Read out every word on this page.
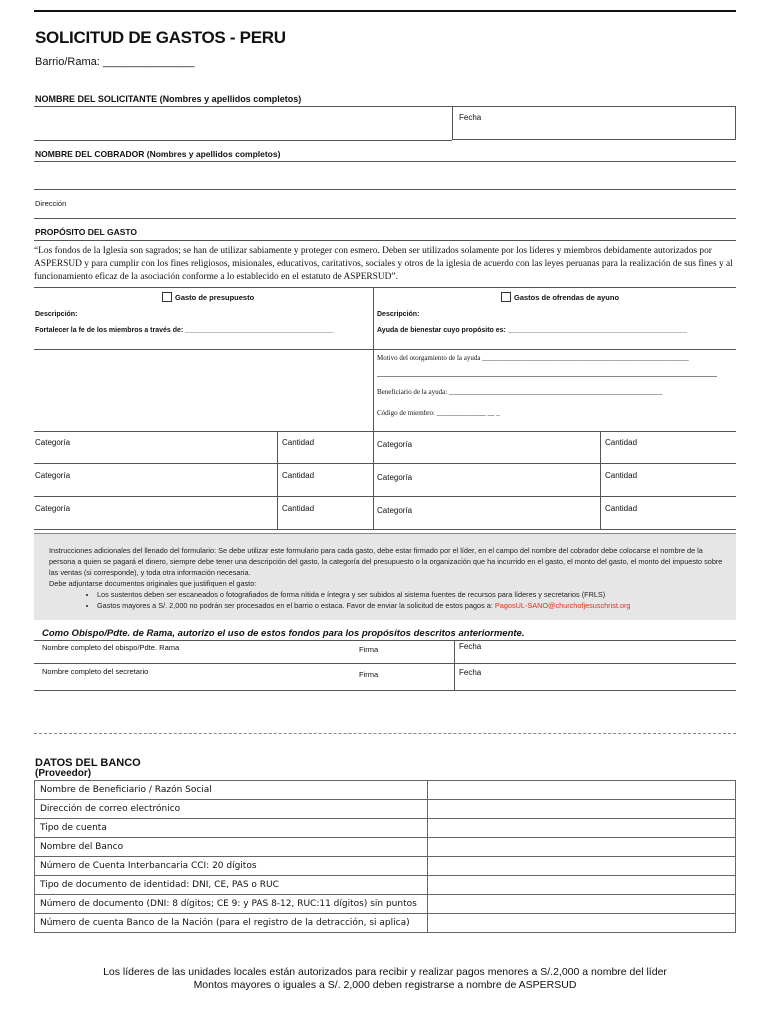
SOLICITUD DE GASTOS - PERU
Barrio/Rama: _______________
NOMBRE DEL SOLICITANTE (Nombres y apellidos completos)
Fecha
NOMBRE DEL COBRADOR (Nombres y apellidos completos)
Dirección
PROPÓSITO DEL GASTO
“Los fondos de la Iglesia son sagrados; se han de utilizar sabiamente y proteger con esmero. Deben ser utilizados solamente por los líderes y miembros debidamente autorizados por ASPERSUD y para cumplir con los fines religiosos, misionales, educativos, caritativos, sociales y otros de la iglesia de acuerdo con las leyes peruanas para la realización de sus fines y al funcionamiento eficaz de la asociación conforme a lo establecido en el estatuto de ASPERSUD”.
Gasto de presupuesto
Descripción:
Fortalecer la fe de los miembros a través de: ______________________________________
Gastos de ofrendas de ayuno
Descripción:
Ayuda de bienestar cuyo propósito es: ______________________________________________
Motivo del otorgamiento de la ayuda ___________________________________________________________
Beneficiario de la ayuda: _____________________________________________________________
Código de miembro: ______________ __ _
Categoría	Cantidad	Categoría	Cantidad
Categoría	Cantidad	Categoría	Cantidad
Categoría	Cantidad	Categoría	Cantidad
Instrucciones adicionales del llenado del formulario: Se debe utilizar este formulario para cada gasto, debe estar firmado por el líder, en el campo del nombre del cobrador debe colocarse el nombre de la persona a quien se pagará el dinero, siempre debe tener una descripción del gasto, la categoría del presupuesto o la organización que ha incurrido en el gasto, el monto del gasto, el monto del impuesto sobre las ventas (si corresponde), y toda otra información necesaria.
Debe adjuntarse documentos originales que justifiquen el gasto:
• Los sustentos deben ser escaneados o fotografiados de forma nítida e íntegra y ser subidos al sistema fuentes de recursos para líderes y secretarios (FRLS)
• Gastos mayores a S/. 2,000 no podrán ser procesados en el barrio o estaca. Favor de enviar la solicitud de estos pagos a: PagosUL-SANO@churchofjesuschrist.org
Como Obispo/Pdte. de Rama, autorizo el uso de estos fondos para los propósitos descritos anteriormente.
Nombre completo del obispo/Pdte. Rama	Firma	Fecha
Nombre completo del secretario	Firma	Fecha
DATOS DEL BANCO
(Proveedor)
Nombre de Beneficiario / Razón Social	
Dirección de correo electrónico	
Tipo de cuenta	
Nombre del Banco	
Número de Cuenta Interbancaria CCI: 20 dígitos	
Tipo de documento de identidad: DNI, CE, PAS o RUC	
Número de documento (DNI: 8 dígitos; CE 9: y PAS 8-12, RUC:11 dígitos) sin puntos	
Número de cuenta Banco de la Nación (para el registro de la detracción, si aplica)	
Los líderes de las unidades locales están autorizados para recibir y realizar pagos menores a S/.2,000 a nombre del líder
Montos mayores o iguales a S/. 2,000 deben registrarse a nombre de ASPERSUD
